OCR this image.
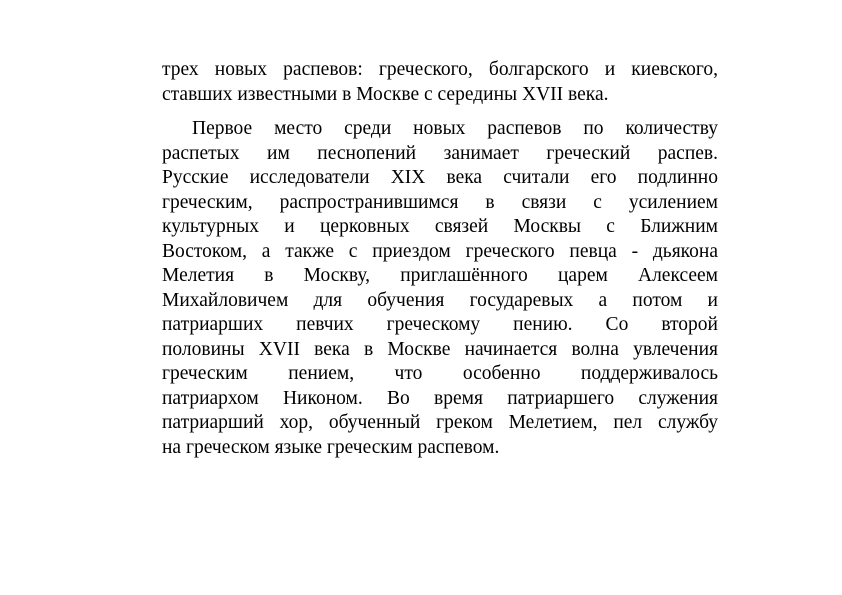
трех новых распевов: греческого, болгарского и киевского,
ставших известными в Москве с середины XVII века.
Первое место среди новых распевов по количеству
распетых им песнопений занимает греческий распев.
Русские исследователи XIX века считали его подлинно
греческим, распространившимся в связи с усилением
культурных и церковных связей Москвы с Ближним
Востоком, а также с приездом греческого певца - дьякона
Мелетия в Москву, приглашённого царем Алексеем
Михайловичем для обучения государевых а потом и
патриарших певчих греческому пению. Со второй
половины XVII века в Москве начинается волна увлечения
греческим пением, что особенно поддерживалось
патриархом Никоном. Во время патриаршего служения
патриарший хор, обученный греком Мелетием, пел службу
на греческом языке греческим распевом.
